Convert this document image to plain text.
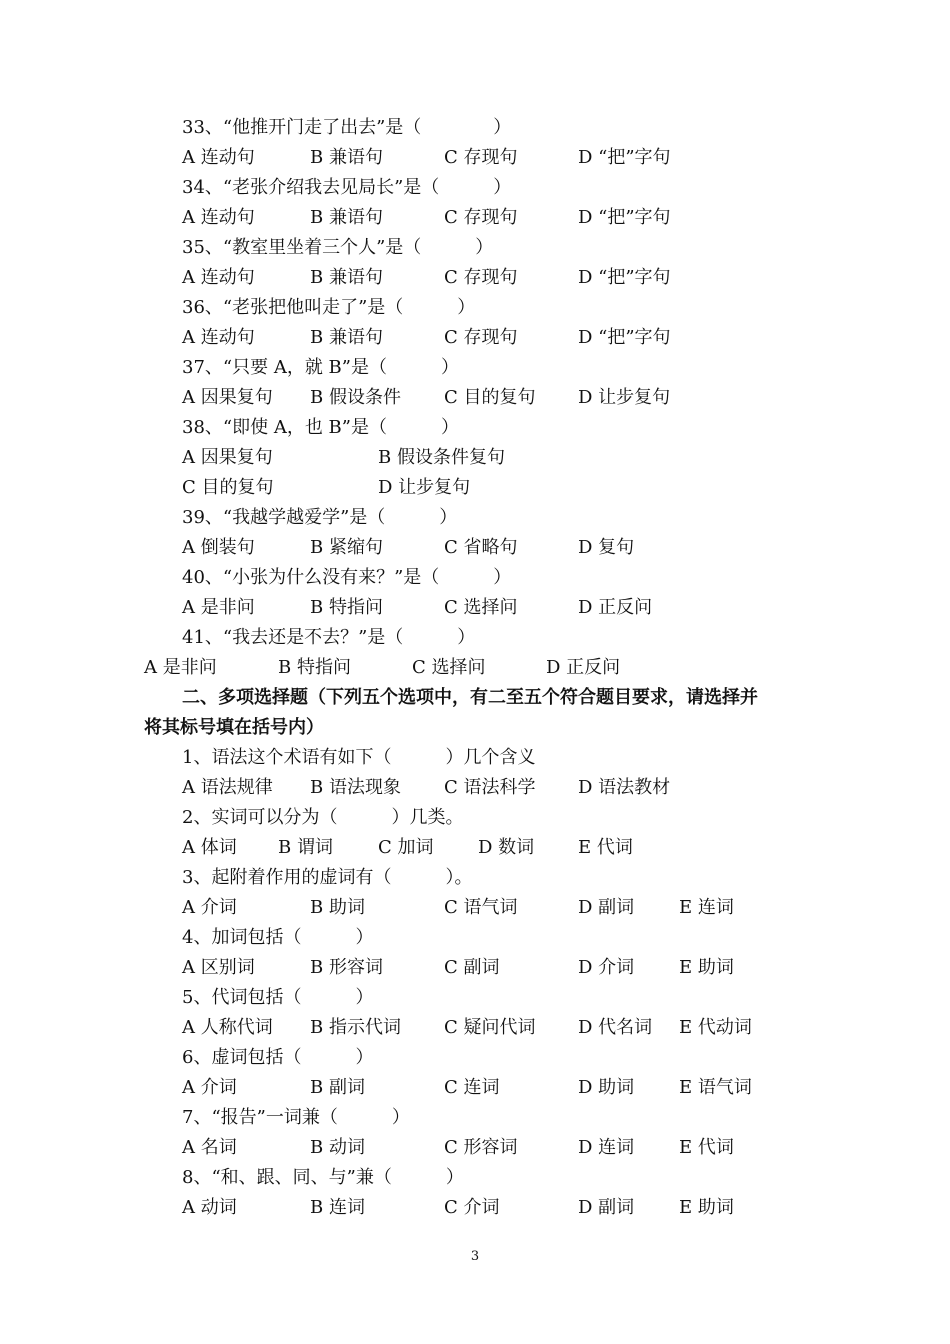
33、“他推开门走了出去”是（　　　　）
A 连动句	B 兼语句	C 存现句	D “把”字句
34、“老张介绍我去见局长”是（　　　）
A 连动句	B 兼语句	C 存现句	D “把”字句
35、“教室里坐着三个人”是（　　　）
A 连动句	B 兼语句	C 存现句	D “把”字句
36、“老张把他叫走了”是（　　　）
A 连动句	B 兼语句	C 存现句	D “把”字句
37、“只要 A，就 B”是（　　　）
A 因果复句 B 假设条件 C 目的复句 D 让步复句
38、“即使 A，也 B”是（　　　）
A 因果复句	B 假设条件复句
C 目的复句	D 让步复句
39、“我越学越爱学”是（　　　）
A 倒装句	B 紧缩句	C 省略句	D 复句
40、“小张为什么没有来？”是（　　　）
A 是非问	B 特指问	C 选择问	D 正反问
41、“我去还是不去？”是（　　　）
A 是非问	B 特指问	C 选择问	D 正反问
二、多项选择题（下列五个选项中，有二至五个符合题目要求，请选择并
将其标号填在括号内）
1、语法这个术语有如下（　　　）几个含义
A 语法规律 B 语法现象 C 语法科学 D 语法教材
2、实词可以分为（　　　）几类。
A 体词 B 谓词	C 加词 D 数词 E 代词
3、起附着作用的虚词有（　　　）。
A 介词	B 助词	C 语气词	D 副词 E 连词
4、加词包括（　　　）
A 区别词	B 形容词	C 副词	D 介词 E 助词
5、代词包括（　　　）
A 人称代词 B 指示代词 C 疑问代词 D 代名词 E 代动词
6、虚词包括（　　　）
A 介词	B 副词	C 连词	D 助词 E 语气词
7、“报告”一词兼（　　　）
A 名词	B 动词	C 形容词	D 连词 E 代词
8、“和、跟、同、与”兼（　　　）
A 动词	B 连词	C 介词	D 副词 E 助词
3
